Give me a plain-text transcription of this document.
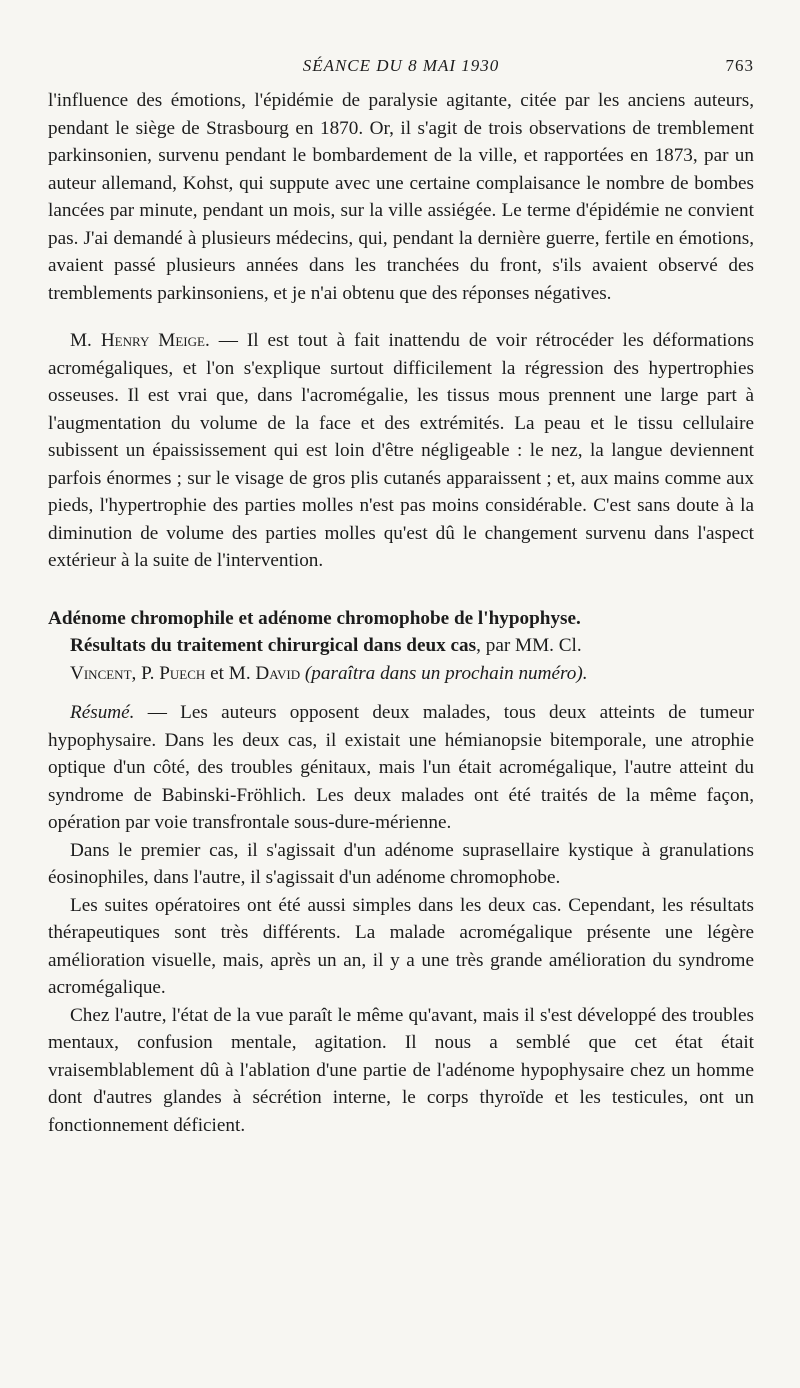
SÉANCE DU 8 MAI 1930	763

l'influence des émotions, l'épidémie de paralysie agitante, citée par les anciens auteurs, pendant le siège de Strasbourg en 1870. Or, il s'agit de trois observations de tremblement parkinsonien, survenu pendant le bombardement de la ville, et rapportées en 1873, par un auteur allemand, Kohst, qui suppute avec une certaine complaisance le nombre de bombes lancées par minute, pendant un mois, sur la ville assiégée. Le terme d'épidémie ne convient pas. J'ai demandé à plusieurs médecins, qui, pendant la dernière guerre, fertile en émotions, avaient passé plusieurs années dans les tranchées du front, s'ils avaient observé des tremblements parkinsoniens, et je n'ai obtenu que des réponses négatives.

M. Henry Meige. — Il est tout à fait inattendu de voir rétrocéder les déformations acromégaliques, et l'on s'explique surtout difficilement la régression des hypertrophies osseuses. Il est vrai que, dans l'acromégalie, les tissus mous prennent une large part à l'augmentation du volume de la face et des extrémités. La peau et le tissu cellulaire subissent un épaississement qui est loin d'être négligeable : le nez, la langue deviennent parfois énormes ; sur le visage de gros plis cutanés apparaissent ; et, aux mains comme aux pieds, l'hypertrophie des parties molles n'est pas moins considérable. C'est sans doute à la diminution de volume des parties molles qu'est dû le changement survenu dans l'aspect extérieur à la suite de l'intervention.

Adénome chromophile et adénome chromophobe de l'hypophyse.
Résultats du traitement chirurgical dans deux cas, par MM. Cl.
Vincent, P. Puech et M. David (paraîtra dans un prochain numéro).

Résumé. — Les auteurs opposent deux malades, tous deux atteints de tumeur hypophysaire. Dans les deux cas, il existait une hémianopsie bitemporale, une atrophie optique d'un côté, des troubles génitaux, mais l'un était acromégalique, l'autre atteint du syndrome de Babinski-Fröhlich. Les deux malades ont été traités de la même façon, opération par voie transfrontale sous-dure-mérienne.

Dans le premier cas, il s'agissait d'un adénome suprasellaire kystique à granulations éosinophiles, dans l'autre, il s'agissait d'un adénome chromophobe.

Les suites opératoires ont été aussi simples dans les deux cas. Cependant, les résultats thérapeutiques sont très différents. La malade acromégalique présente une légère amélioration visuelle, mais, après un an, il y a une très grande amélioration du syndrome acromégalique.

Chez l'autre, l'état de la vue paraît le même qu'avant, mais il s'est développé des troubles mentaux, confusion mentale, agitation. Il nous a semblé que cet état était vraisemblablement dû à l'ablation d'une partie de l'adénome hypophysaire chez un homme dont d'autres glandes à sécrétion interne, le corps thyroïde et les testicules, ont un fonctionnement déficient.
